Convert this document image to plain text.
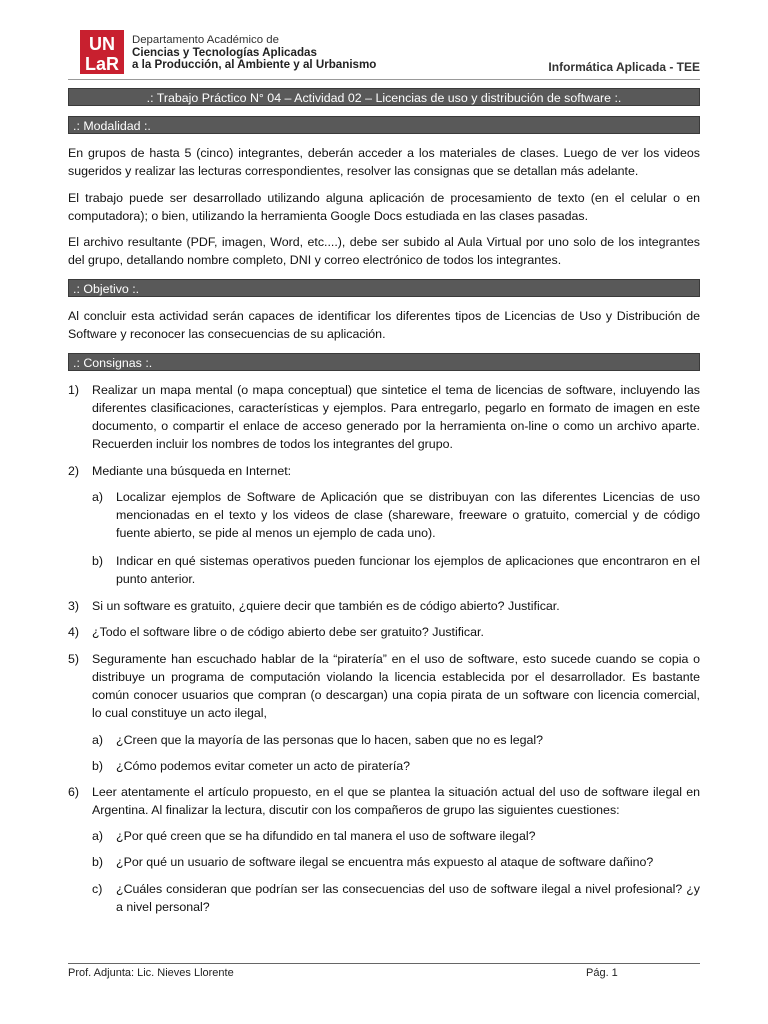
UN
LaR
Departamento Académico de
Ciencias y Tecnologías Aplicadas
a la Producción, al Ambiente y al Urbanismo	Informática Aplicada - TEE
.: Trabajo Práctico N° 04 – Actividad 02 – Licencias de uso y distribución de software :.
.: Modalidad :.
En grupos de hasta 5 (cinco) integrantes, deberán acceder a los materiales de clases. Luego de ver los videos sugeridos y realizar las lecturas correspondientes, resolver las consignas que se detallan más adelante.
El trabajo puede ser desarrollado utilizando alguna aplicación de procesamiento de texto (en el celular o en computadora); o bien, utilizando la herramienta Google Docs estudiada en las clases pasadas.
El archivo resultante (PDF, imagen, Word, etc....), debe ser subido al Aula Virtual por uno solo de los integrantes del grupo, detallando nombre completo, DNI y correo electrónico de todos los integrantes.
.: Objetivo :.
Al concluir esta actividad serán capaces de identificar los diferentes tipos de Licencias de Uso y Distribución de Software y reconocer las consecuencias de su aplicación.
.: Consignas :.
1)	Realizar un mapa mental (o mapa conceptual) que sintetice el tema de licencias de software, incluyendo las diferentes clasificaciones, características y ejemplos. Para entregarlo, pegarlo en formato de imagen en este documento, o compartir el enlace de acceso generado por la herramienta on-line o como un archivo aparte. Recuerden incluir los nombres de todos los integrantes del grupo.
2)	Mediante una búsqueda en Internet:
a)	Localizar ejemplos de Software de Aplicación que se distribuyan con las diferentes Licencias de uso mencionadas en el texto y los videos de clase (shareware, freeware o gratuito, comercial y de código fuente abierto, se pide al menos un ejemplo de cada uno).
b)	Indicar en qué sistemas operativos pueden funcionar los ejemplos de aplicaciones que encontraron en el punto anterior.
3)	Si un software es gratuito, ¿quiere decir que también es de código abierto? Justificar.
4)	¿Todo el software libre o de código abierto debe ser gratuito? Justificar.
5)	Seguramente han escuchado hablar de la “piratería” en el uso de software, esto sucede cuando se copia o distribuye un programa de computación violando la licencia establecida por el desarrollador. Es bastante común conocer usuarios que compran (o descargan) una copia pirata de un software con licencia comercial, lo cual constituye un acto ilegal,
a)	¿Creen que la mayoría de las personas que lo hacen, saben que no es legal?
b)	¿Cómo podemos evitar cometer un acto de piratería?
6)	Leer atentamente el artículo propuesto, en el que se plantea la situación actual del uso de software ilegal en Argentina. Al finalizar la lectura, discutir con los compañeros de grupo las siguientes cuestiones:
a)	¿Por qué creen que se ha difundido en tal manera el uso de software ilegal?
b)	¿Por qué un usuario de software ilegal se encuentra más expuesto al ataque de software dañino?
c)	¿Cuáles consideran que podrían ser las consecuencias del uso de software ilegal a nivel profesional? ¿y a nivel personal?
Prof. Adjunta: Lic. Nieves Llorente	Pág. 1
